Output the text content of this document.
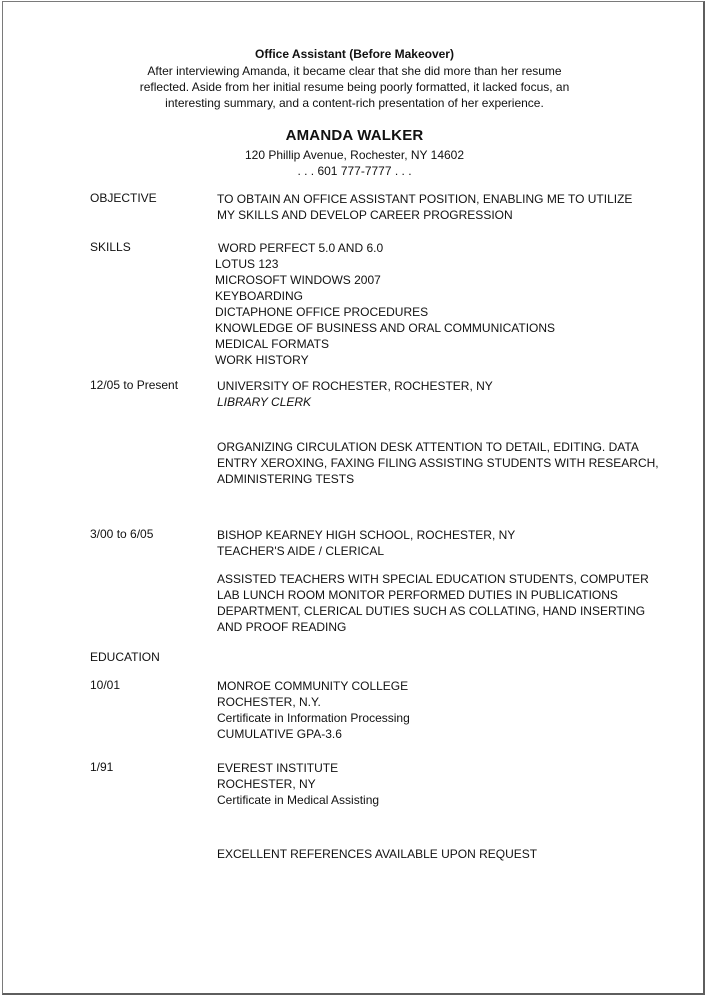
Office Assistant (Before Makeover)
After interviewing Amanda, it became clear that she did more than her resume
reflected. Aside from her initial resume being poorly formatted, it lacked focus, an
interesting summary, and a content-rich presentation of her experience.
AMANDA WALKER
120 Phillip Avenue, Rochester, NY 14602
. . . 601 777-7777 . . .
OBJECTIVE	TO OBTAIN AN OFFICE ASSISTANT POSITION, ENABLING ME TO UTILIZE
MY SKILLS AND DEVELOP CAREER PROGRESSION
SKILLS	WORD PERFECT 5.0 AND 6.0
LOTUS 123
MICROSOFT WINDOWS 2007
KEYBOARDING
DICTAPHONE OFFICE PROCEDURES
KNOWLEDGE OF BUSINESS AND ORAL COMMUNICATIONS
MEDICAL FORMATS
WORK HISTORY
12/05 to Present	UNIVERSITY OF ROCHESTER, ROCHESTER, NY
LIBRARY CLERK
ORGANIZING CIRCULATION DESK ATTENTION TO DETAIL, EDITING. DATA
ENTRY XEROXING, FAXING FILING ASSISTING STUDENTS WITH RESEARCH,
ADMINISTERING TESTS
3/00 to 6/05	BISHOP KEARNEY HIGH SCHOOL, ROCHESTER, NY
TEACHER'S AIDE / CLERICAL
ASSISTED TEACHERS WITH SPECIAL EDUCATION STUDENTS, COMPUTER
LAB LUNCH ROOM MONITOR PERFORMED DUTIES IN PUBLICATIONS
DEPARTMENT, CLERICAL DUTIES SUCH AS COLLATING, HAND INSERTING
AND PROOF READING
EDUCATION
10/01	MONROE COMMUNITY COLLEGE
ROCHESTER, N.Y.
Certificate in Information Processing
CUMULATIVE GPA-3.6
1/91	EVEREST INSTITUTE
ROCHESTER, NY
Certificate in Medical Assisting
EXCELLENT REFERENCES AVAILABLE UPON REQUEST
